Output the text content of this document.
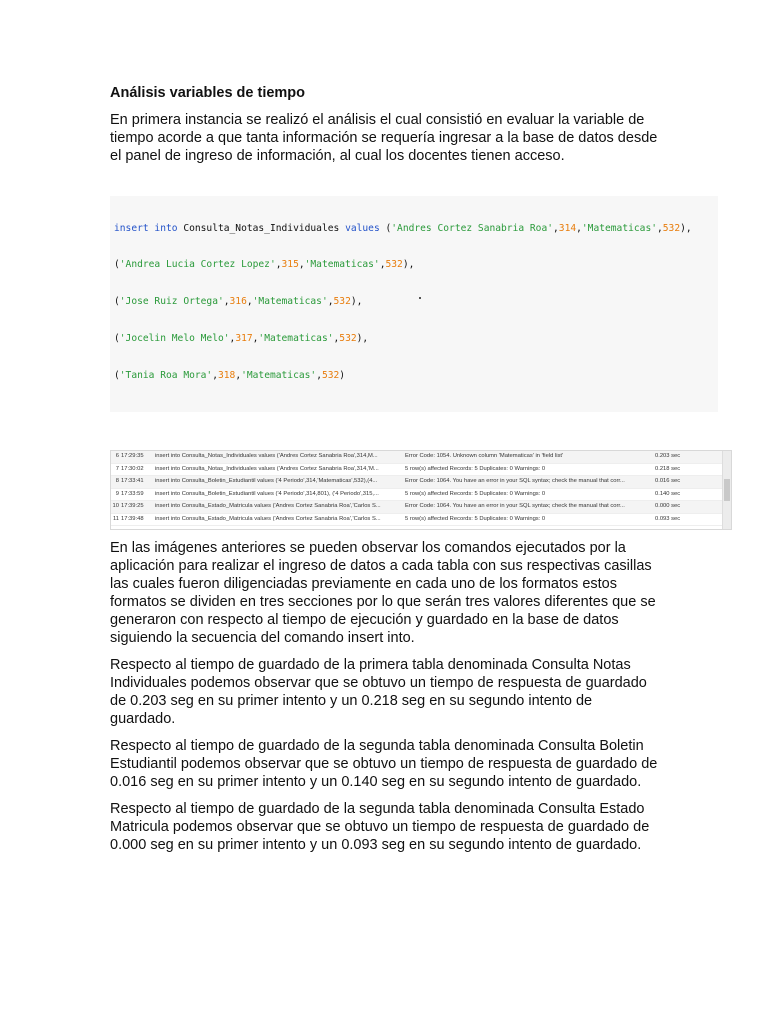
Análisis variables de tiempo
En primera instancia se realizó el análisis el cual consistió en evaluar la variable de tiempo acorde a que tanta información se requería ingresar a la base de datos desde el panel de ingreso de información, al cual los docentes tienen acceso.

insert into Consulta_Notas_Individuales values ('Andres Cortez Sanabria Roa',314,'Matematicas',532),

('Andrea Lucia Cortez Lopez',315,'Matematicas',532),

('Jose Ruiz Ortega',316,'Matematicas',532),

('Jocelin Melo Melo',317,'Matematicas',532),

('Tania Roa Mora',318,'Matematicas',532)

6 17:29:35	insert into Consulta_Notas_Individuales values ('Andres Cortez Sanabria Roa',314,M...	Error Code: 1054. Unknown column 'Matematicas' in 'field list'	0.203 sec
7 17:30:02	insert into Consulta_Notas_Individuales values ('Andres Cortez Sanabria Roa',314,'M...	5 row(s) affected Records: 5 Duplicates: 0 Warnings: 0	0.218 sec
8 17:33:41	insert into Consulta_Boletin_Estudiantil values ('4 Periodo',314,'Matematicas',532),(4...	Error Code: 1064. You have an error in your SQL syntax; check the manual that corr...	0.016 sec
9 17:33:59	insert into Consulta_Boletin_Estudiantil values ('4 Periodo',314,801), ('4 Periodo',315,...	5 row(s) affected Records: 5 Duplicates: 0 Warnings: 0	0.140 sec
10 17:39:25	insert into Consulta_Estado_Matricula values ('Andres Cortez Sanabria Roa','Carlos S...	Error Code: 1064. You have an error in your SQL syntax; check the manual that corr...	0.000 sec
11 17:39:48	insert into Consulta_Estado_Matricula values ('Andres Cortez Sanabria Roa','Carlos S...	5 row(s) affected Records: 5 Duplicates: 0 Warnings: 0	0.093 sec
En las imágenes anteriores se pueden observar los comandos ejecutados por la aplicación para realizar el ingreso de datos a cada tabla con sus respectivas casillas las cuales fueron diligenciadas previamente en cada uno de los formatos estos formatos se dividen en tres secciones por lo que serán tres valores diferentes que se generaron con respecto al tiempo de ejecución y guardado en la base de datos siguiendo la secuencia del comando insert into.
Respecto al tiempo de guardado de la primera tabla denominada Consulta Notas Individuales podemos observar que se obtuvo un tiempo de respuesta de guardado de 0.203 seg en su primer intento y un 0.218 seg en su segundo intento de guardado.
Respecto al tiempo de guardado de la segunda tabla denominada Consulta Boletin Estudiantil podemos observar que se obtuvo un tiempo de respuesta de guardado de 0.016 seg en su primer intento y un 0.140 seg en su segundo intento de guardado.
Respecto al tiempo de guardado de la segunda tabla denominada Consulta Estado Matricula podemos observar que se obtuvo un tiempo de respuesta de guardado de 0.000 seg en su primer intento y un 0.093 seg en su segundo intento de guardado.
